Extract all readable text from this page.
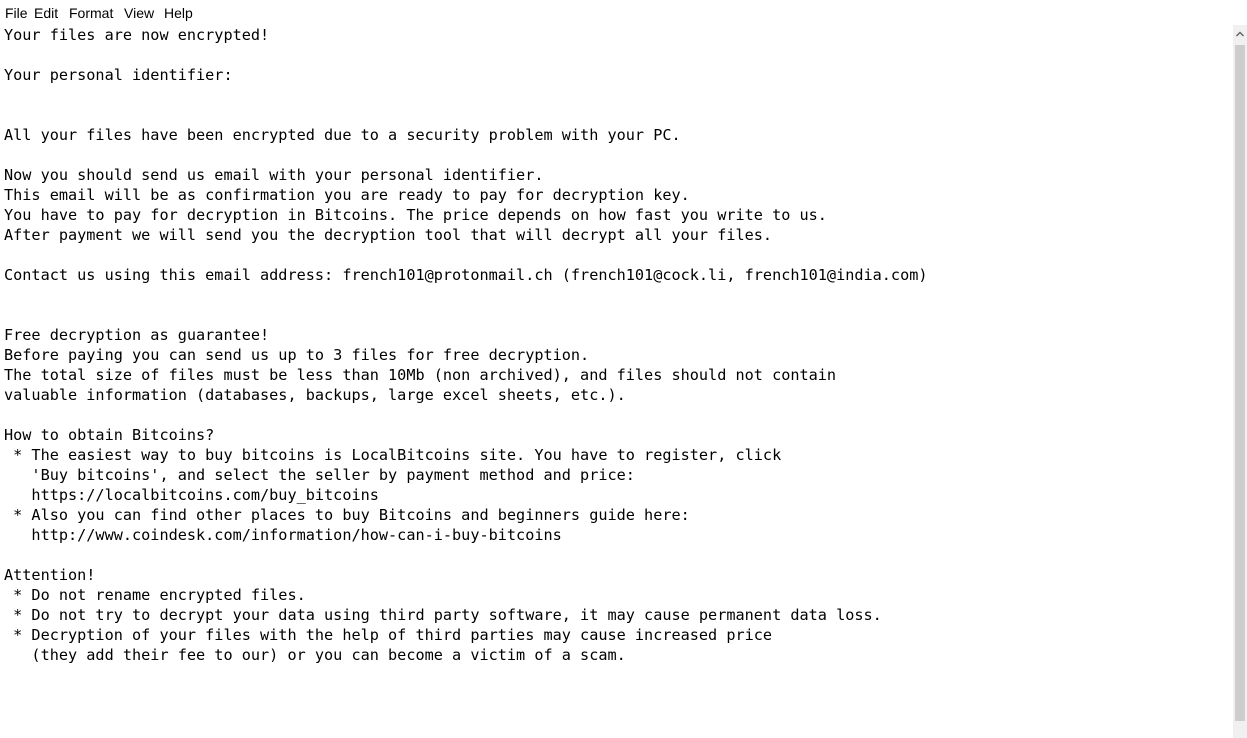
File Edit Format View Help
Your files are now encrypted!
Your personal identifier:
All your files have been encrypted due to a security problem with your PC.
Now you should send us email with your personal identifier.
This email will be as confirmation you are ready to pay for decryption key.
You have to pay for decryption in Bitcoins. The price depends on how fast you write to us.
After payment we will send you the decryption tool that will decrypt all your files.
Contact us using this email address: french101@protonmail.ch (french101@cock.li, french101@india.com)
Free decryption as guarantee!
Before paying you can send us up to 3 files for free decryption.
The total size of files must be less than 10Mb (non archived), and files should not contain
valuable information (databases, backups, large excel sheets, etc.).
How to obtain Bitcoins?
* The easiest way to buy bitcoins is LocalBitcoins site. You have to register, click
'Buy bitcoins', and select the seller by payment method and price:
https://localbitcoins.com/buy_bitcoins
* Also you can find other places to buy Bitcoins and beginners guide here:
http://www.coindesk.com/information/how-can-i-buy-bitcoins
Attention!
* Do not rename encrypted files.
* Do not try to decrypt your data using third party software, it may cause permanent data loss.
* Decryption of your files with the help of third parties may cause increased price
(they add their fee to our) or you can become a victim of a scam.
